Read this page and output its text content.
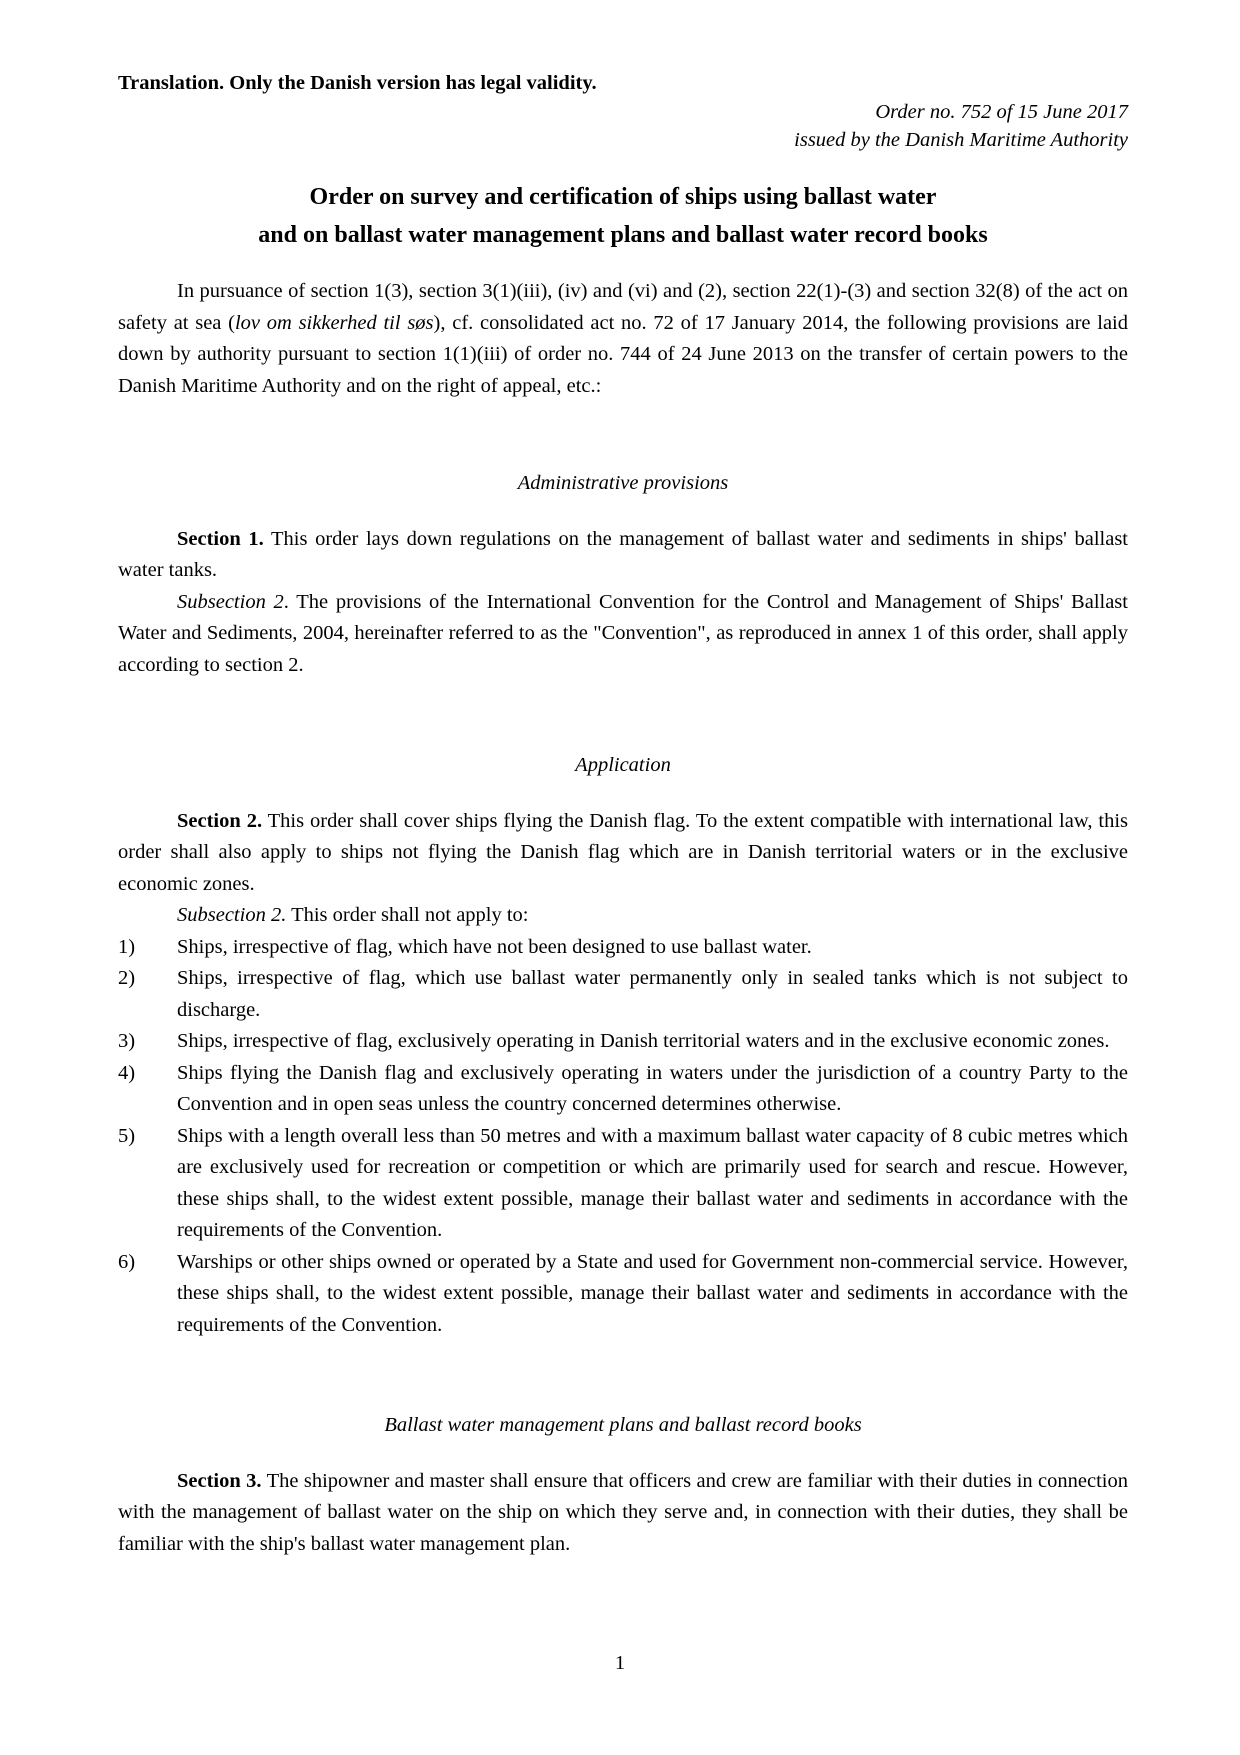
Translation. Only the Danish version has legal validity.

Order no. 752 of 15 June 2017
issued by the Danish Maritime Authority
Order on survey and certification of ships using ballast water
and on ballast water management plans and ballast water record books

In pursuance of section 1(3), section 3(1)(iii), (iv) and (vi) and (2), section 22(1)-(3) and section 32(8) of the act on safety at sea (lov om sikkerhed til søs), cf. consolidated act no. 72 of 17 January 2014, the following provisions are laid down by authority pursuant to section 1(1)(iii) of order no. 744 of 24 June 2013 on the transfer of certain powers to the Danish Maritime Authority and on the right of appeal, etc.:

Administrative provisions

Section 1. This order lays down regulations on the management of ballast water and sediments in ships' ballast water tanks.

Subsection 2. The provisions of the International Convention for the Control and Management of Ships' Ballast Water and Sediments, 2004, hereinafter referred to as the "Convention", as reproduced in annex 1 of this order, shall apply according to section 2.

Application

Section 2. This order shall cover ships flying the Danish flag. To the extent compatible with international law, this order shall also apply to ships not flying the Danish flag which are in Danish territorial waters or in the exclusive economic zones.

Subsection 2. This order shall not apply to:

1)	Ships, irrespective of flag, which have not been designed to use ballast water.
2)	Ships, irrespective of flag, which use ballast water permanently only in sealed tanks which is not subject to discharge.
3)	Ships, irrespective of flag, exclusively operating in Danish territorial waters and in the exclusive economic zones.
4)	Ships flying the Danish flag and exclusively operating in waters under the jurisdiction of a country Party to the Convention and in open seas unless the country concerned determines otherwise.
5)	Ships with a length overall less than 50 metres and with a maximum ballast water capacity of 8 cubic metres which are exclusively used for recreation or competition or which are primarily used for search and rescue. However, these ships shall, to the widest extent possible, manage their ballast water and sediments in accordance with the requirements of the Convention.
6)	Warships or other ships owned or operated by a State and used for Government non-commercial service. However, these ships shall, to the widest extent possible, manage their ballast water and sediments in accordance with the requirements of the Convention.

Ballast water management plans and ballast record books

Section 3. The shipowner and master shall ensure that officers and crew are familiar with their duties in connection with the management of ballast water on the ship on which they serve and, in connection with their duties, they shall be familiar with the ship's ballast water management plan.

1
